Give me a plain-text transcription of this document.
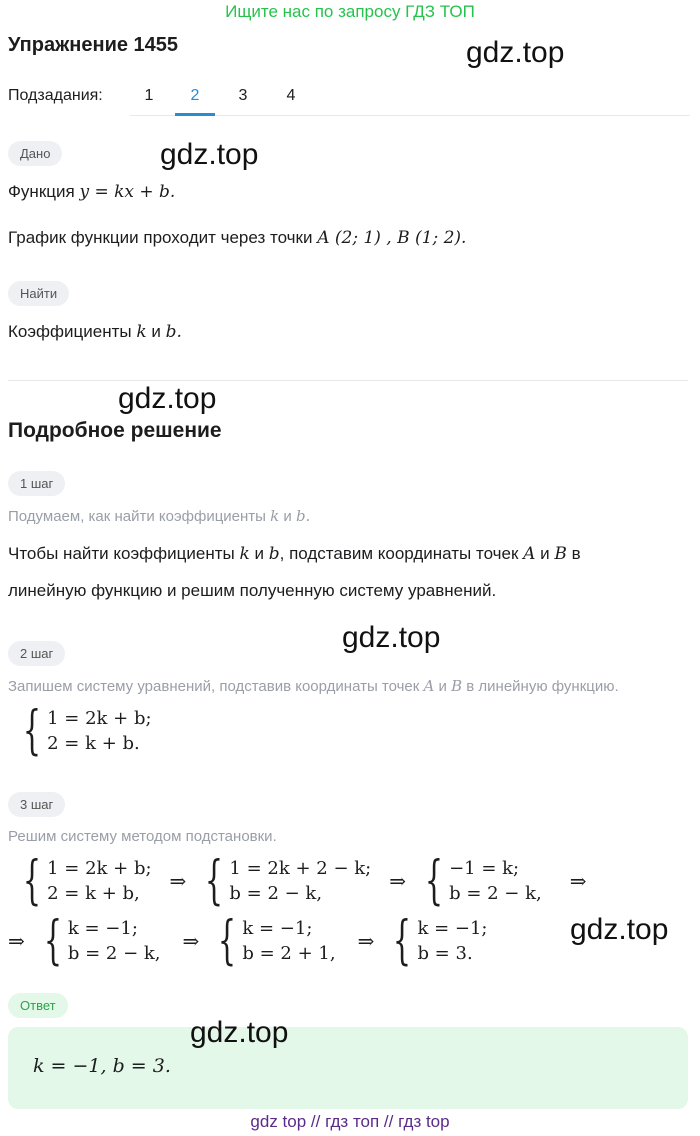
Ищите нас по запросу ГДЗ ТОП
Упражнение 1455	gdz.top
Подзадания:	1	2	3	4
Дано	gdz.top
Функция y = kx + b.
График функции проходит через точки A (2; 1) , B (1; 2).
Найти
Коэффициенты k и b.
gdz.top
Подробное решение
1 шаг
Подумаем, как найти коэффициенты k и b.
Чтобы найти коэффициенты k и b, подставим координаты точек A и B в
линейную функцию и решим полученную систему уравнений.
gdz.top
2 шаг
Запишем систему уравнений, подставив координаты точек A и B в линейную функцию.
{ 1 = 2k + b;
2 = k + b.
3 шаг
Решим систему методом подстановки.
{ 1 = 2k + b;
2 = k + b,
⇒ { 1 = 2k + 2 − k;
b = 2 − k,
⇒ { −1 = k;
b = 2 − k,
⇒
⇒ { k = −1;
b = 2 − k,
⇒ { k = −1;
b = 2 + 1,
⇒ { k = −1;
b = 3.
gdz.top
Ответ
gdz.top
k = −1, b = 3.
gdz top // гдз топ // гдз top
